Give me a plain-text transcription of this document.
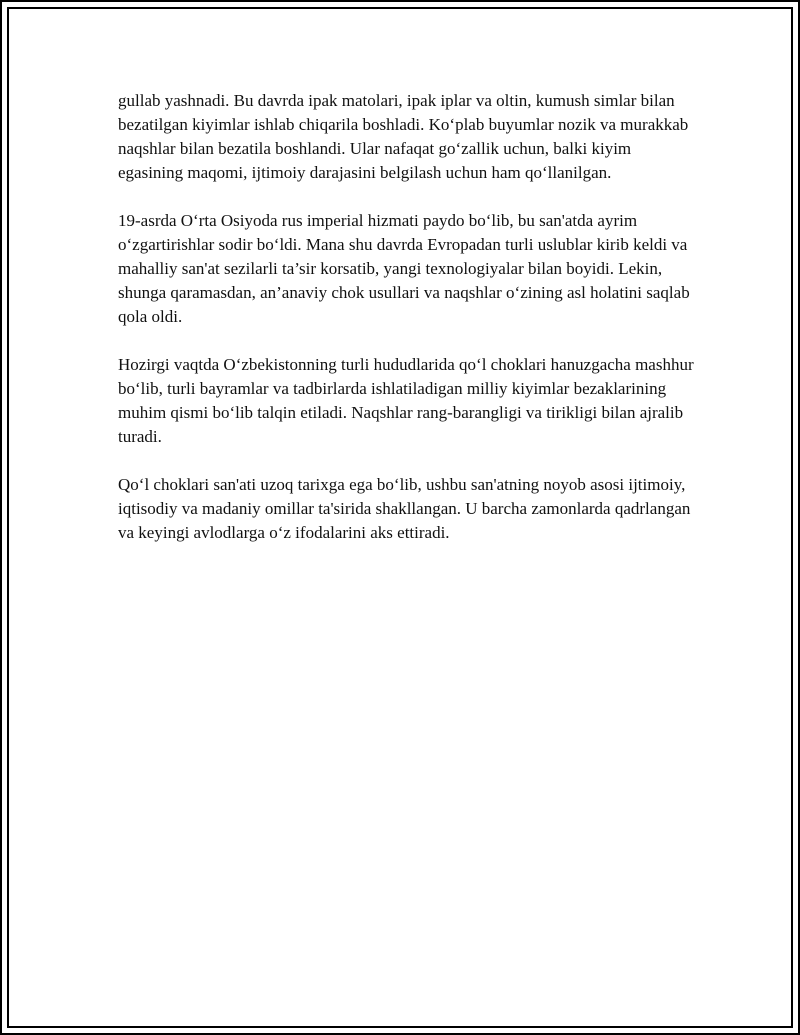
gullab yashnadi. Bu davrda ipak matolari, ipak iplar va oltin, kumush simlar bilan bezatilgan kiyimlar ishlab chiqarila boshladi. Ko‘plab buyumlar nozik va murakkab naqshlar bilan bezatila boshlandi. Ular nafaqat go‘zallik uchun, balki kiyim egasining maqomi, ijtimoiy darajasini belgilash uchun ham qo‘llanilgan.

19-asrda O‘rta Osiyoda rus imperial hizmati paydo bo‘lib, bu san'atda ayrim o‘zgartirishlar sodir bo‘ldi. Mana shu davrda Evropadan turli uslublar kirib keldi va mahalliy san'at sezilarli ta’sir korsatib, yangi texnologiyalar bilan boyidi. Lekin, shunga qaramasdan, an’anaviy chok usullari va naqshlar o‘zining asl holatini saqlab qola oldi.

Hozirgi vaqtda O‘zbekistonning turli hududlarida qo‘l choklari hanuzgacha mashhur bo‘lib, turli bayramlar va tadbirlarda ishlatiladigan milliy kiyimlar bezaklarining muhim qismi bo‘lib talqin etiladi. Naqshlar rang-barangligi va tirikligi bilan ajralib turadi.

Qo‘l choklari san'ati uzoq tarixga ega bo‘lib, ushbu san'atning noyob asosi ijtimoiy, iqtisodiy va madaniy omillar ta'sirida shakllangan. U barcha zamonlarda qadrlangan va keyingi avlodlarga o‘z ifodalarini aks ettiradi.
